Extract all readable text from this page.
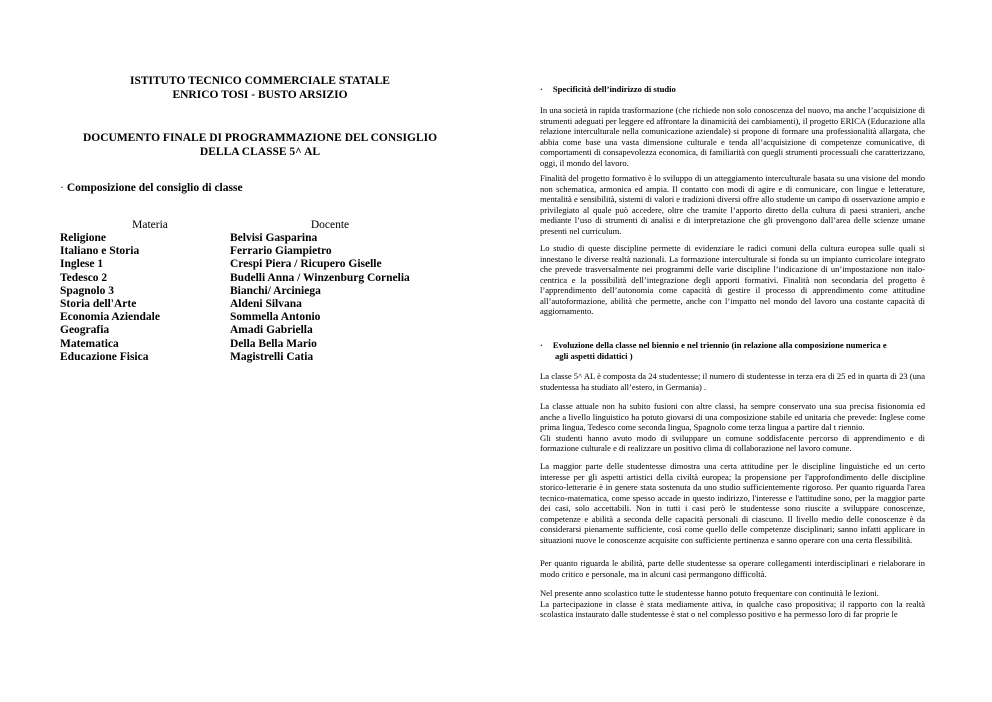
ISTITUTO TECNICO COMMERCIALE STATALE
ENRICO TOSI - BUSTO ARSIZIO
DOCUMENTO FINALE DI PROGRAMMAZIONE DEL CONSIGLIO
DELLA CLASSE 5^ AL
· Composizione del consiglio di classe
Materia	Docente
Religione
Italiano e Storia
Inglese 1
Tedesco 2
Spagnolo 3
Storia dell'Arte
Economia Aziendale
Geografia
Matematica
Educazione Fisica
Belvisi Gasparina
Ferrario Giampietro
Crespi Piera / Ricupero Giselle
Budelli Anna / Winzenburg Cornelia
Bianchi/ Arciniega
Aldeni Silvana
Sommella Antonio
Amadi Gabriella
Della Bella Mario
Magistrelli Catia
· Specificità dell’indirizzo di studio

In una società in rapida trasformazione (che richiede non solo conoscenza del nuovo, ma anche l’acquisizione di strumenti adeguati per leggere ed affrontare la dinamicità dei cambiamenti), il progetto ERICA (Educazione alla relazione interculturale nella comunicazione aziendale) si propone di formare una professionalità allargata, che abbia come base una vasta dimensione culturale e tenda all’acquisizione di competenze comunicative, di comportamenti di consapevolezza economica, di familiarità con quegli strumenti processuali che caratterizzano, oggi, il mondo del lavoro.

Finalità del progetto formativo è lo sviluppo di un atteggiamento interculturale basata su una visione del mondo non schematica, armonica ed ampia. Il contatto con modi di agire e di comunicare, con lingue e letterature, mentalità e sensibilità, sistemi di valori e tradizioni diversi offre allo studente un campo di osservazione ampio e privilegiato al quale può accedere, oltre che tramite l’apporto diretto della cultura di paesi stranieri, anche mediante l’uso di strumenti di analisi e di interpretazione che gli provengono dall’area delle scienze umane presenti nel curriculum.

Lo studio di queste discipline permette di evidenziare le radici comuni della cultura europea sulle quali si innestano le diverse realtà nazionali. La formazione interculturale si fonda su un impianto curricolare integrato che prevede trasversalmente nei programmi delle varie discipline l’indicazione di un’impostazione non italo-centrica e la possibilità dell’integrazione degli apporti formativi. Finalità non secondaria del progetto è l’apprendimento dell’autonomia come capacità di gestire il processo di apprendimento come attitudine all’autoformazione, abilità che permette, anche con l’impatto nel mondo del lavoro una costante capacità di aggiornamento.

· Evoluzione della classe nel biennio e nel triennio (in relazione alla composizione numerica e
agli aspetti didattici )

La classe 5^ AL è composta da 24 studentesse; il numero di studentesse in terza era di 25 ed in quarta di 23 (una studentessa ha studiato all’estero, in Germania) .

La classe attuale non ha subito fusioni con altre classi, ha sempre conservato una sua precisa fisionomia ed anche a livello linguistico ha potuto giovarsi di una composizione stabile ed unitaria che prevede: Inglese come prima lingua, Tedesco come seconda lingua, Spagnolo come terza lingua a partire dal t riennio.

Gli studenti hanno avuto modo di sviluppare un comune soddisfacente percorso di apprendimento e di formazione culturale e di realizzare un positivo clima di collaborazione nel lavoro comune.

La maggior parte delle studentesse dimostra una certa attitudine per le discipline linguistiche ed un certo interesse per gli aspetti artistici della civiltà europea; la propensione per l'approfondimento delle discipline storico-letterarie è in genere stata sostenuta da uno studio sufficientemente rigoroso. Per quanto riguarda l'area tecnico-matematica, come spesso accade in questo indirizzo, l'interesse e l'attitudine sono, per la maggior parte dei casi, solo accettabili. Non in tutti i casi però le studentesse sono riuscite a sviluppare conoscenze, competenze e abilità a seconda delle capacità personali di ciascuno. Il livello medio delle conoscenze è da considerarsi pienamente sufficiente, così come quello delle competenze disciplinari; sanno infatti applicare in situazioni nuove le conoscenze acquisite con sufficiente pertinenza e sanno operare con una certa flessibilità.

Per quanto riguarda le abilità, parte delle studentesse sa operare collegamenti interdisciplinari e rielaborare in modo critico e personale, ma in alcuni casi permangono difficoltà.

Nel presente anno scolastico tutte le studentesse hanno potuto frequentare con continuità le lezioni.

La partecipazione in classe è stata mediamente attiva, in qualche caso propositiva; il rapporto con la realtà scolastica instaurato dalle studentesse è stat o nel complesso positivo e ha permesso loro di far proprie le
